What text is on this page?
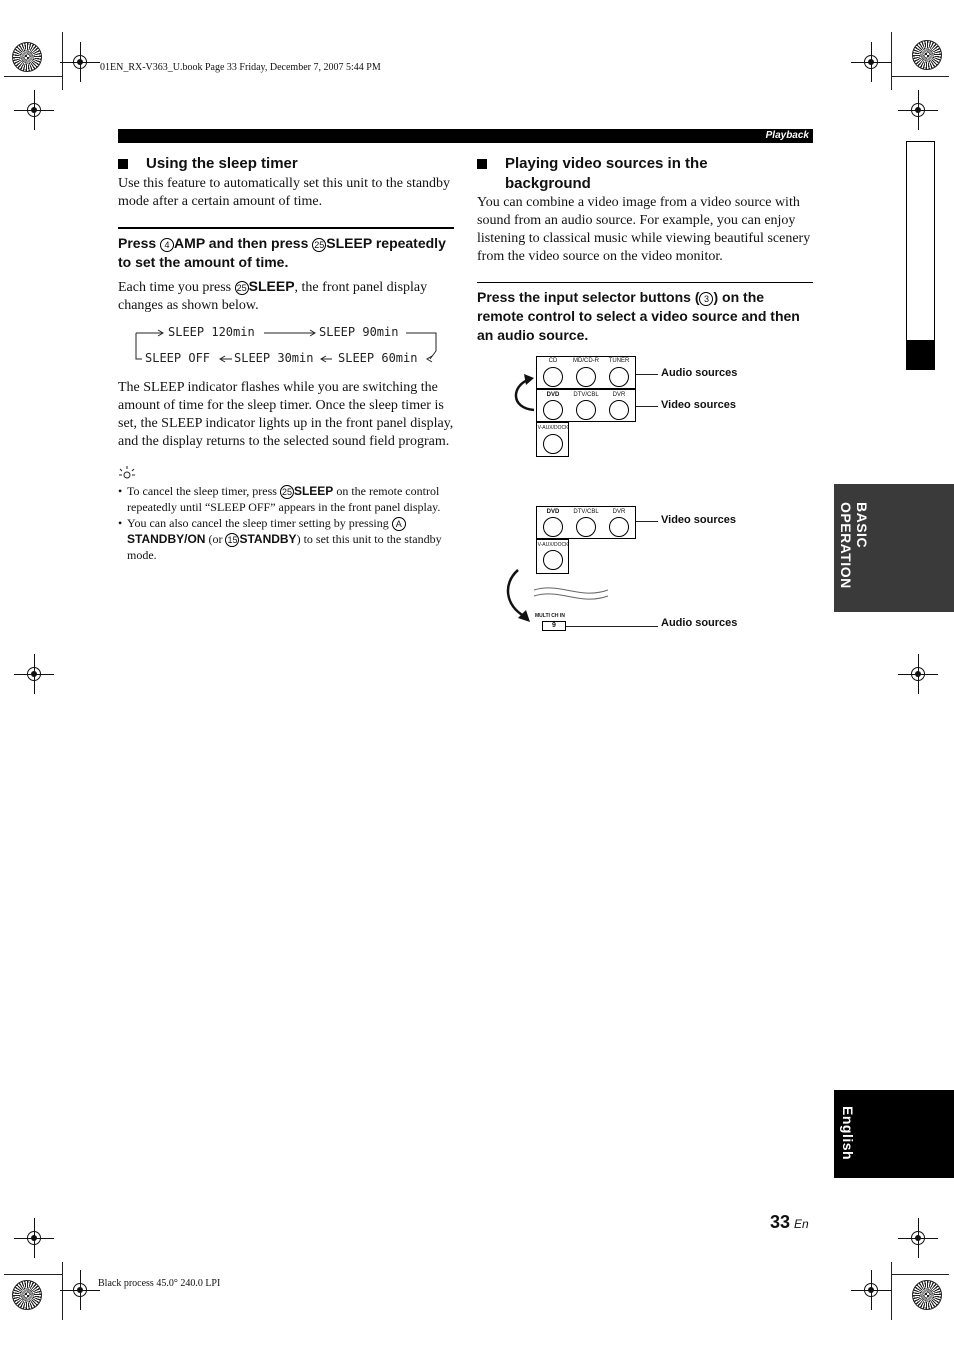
01EN_RX-V363_U.book Page 33 Friday, December 7, 2007 5:44 PM
Black process 45.0° 240.0 LPI
Playback
BASIC
OPERATION
English
Using the sleep timer

Use this feature to automatically set this unit to the standby mode after a certain amount of time.

Press 4 AMP and then press 25 SLEEP repeatedly to set the amount of time.

Each time you press 25 SLEEP, the front panel display changes as shown below.

SLEEP 120min	SLEEP 90min
SLEEP OFF SLEEP 30min SLEEP 60min

The SLEEP indicator flashes while you are switching the amount of time for the sleep timer. Once the sleep timer is set, the SLEEP indicator lights up in the front panel display, and the display returns to the selected sound field program.

• To cancel the sleep timer, press 25 SLEEP on the remote control repeatedly until “SLEEP OFF” appears in the front panel display.
• You can also cancel the sleep timer setting by pressing ASTANDBY/ON (or 15 STANDBY) to set this unit to the standby mode.
Playing video sources in the
background

You can combine a video image from a video source with sound from an audio source. For example, you can enjoy listening to classical music while viewing beautiful scenery from the video source on the video monitor.

Press the input selector buttons ( 3 ) on the remote control to select a video source and then an audio source.

CD	MD/CD-R	TUNER
DVD	DTV/CBL	DVR
V-AUX/DOCK
Audio sources
Video sources
DVD	DTV/CBL	DVR
V-AUX/DOCK
MULTI CH IN
9
Video sources
Audio sources
33 En
